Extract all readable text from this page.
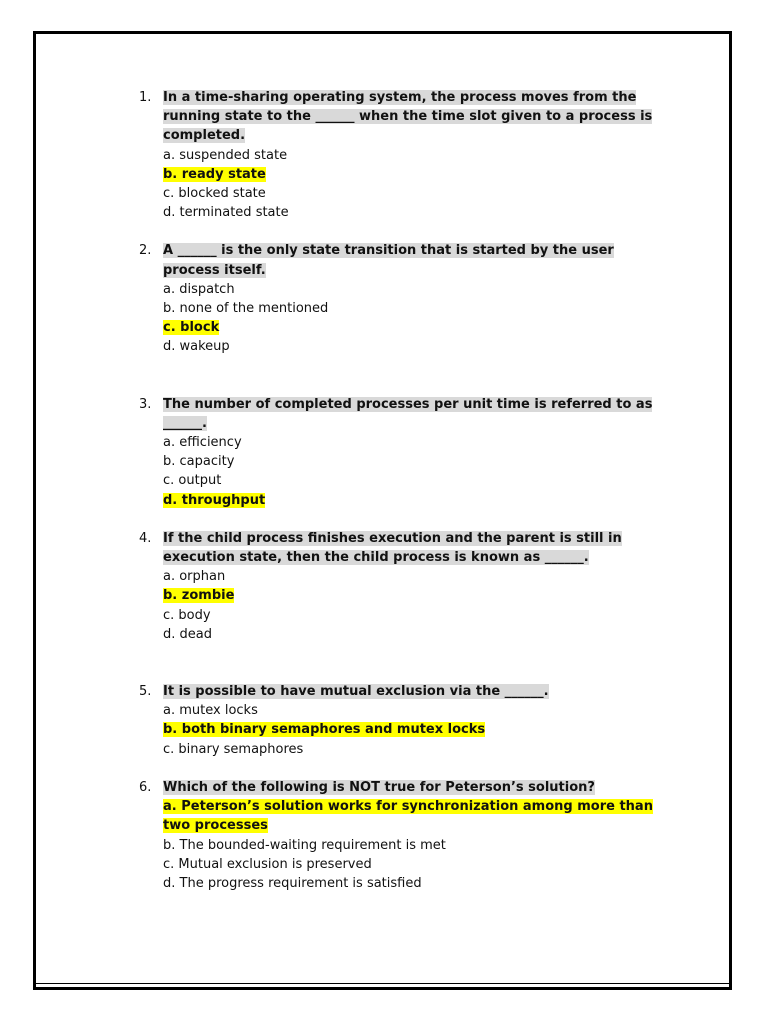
1. In a time-sharing operating system, the process moves from the running state to the ______ when the time slot given to a process is completed.
a. suspended state
b. ready state
c. blocked state
d. terminated state
2. A ______ is the only state transition that is started by the user process itself.
a. dispatch
b. none of the mentioned
c. block
d. wakeup
3. The number of completed processes per unit time is referred to as ______.
a. efficiency
b. capacity
c. output
d. throughput
4. If the child process finishes execution and the parent is still in execution state, then the child process is known as ______.
a. orphan
b. zombie
c. body
d. dead
5. It is possible to have mutual exclusion via the ______.
a. mutex locks
b. both binary semaphores and mutex locks
c. binary semaphores
6. Which of the following is NOT true for Peterson’s solution?
a. Peterson’s solution works for synchronization among more than two processes
b. The bounded-waiting requirement is met
c. Mutual exclusion is preserved
d. The progress requirement is satisfied
